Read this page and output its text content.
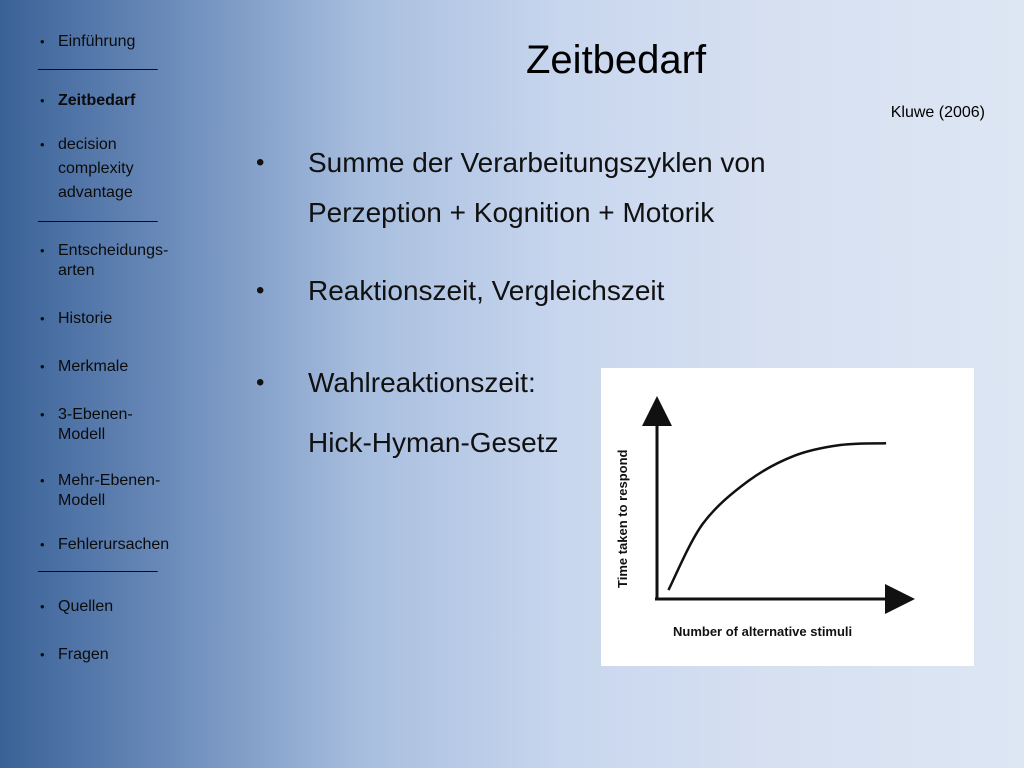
• Einführung
_______________
• Zeitbedarf
• decision complexity advantage
_______________
• Entscheidungs-arten
• Historie
• Merkmale
• 3-Ebenen-Modell
• Mehr-Ebenen-Modell
• Fehlerursachen
_______________
• Quellen
• Fragen
Zeitbedarf
Kluwe (2006)
• Summe der Verarbeitungszyklen von
Perzeption + Kognition + Motorik
• Reaktionszeit, Vergleichszeit
• Wahlreaktionszeit:
Hick-Hyman-Gesetz
Number of alternative stimuli
Time taken to respond
